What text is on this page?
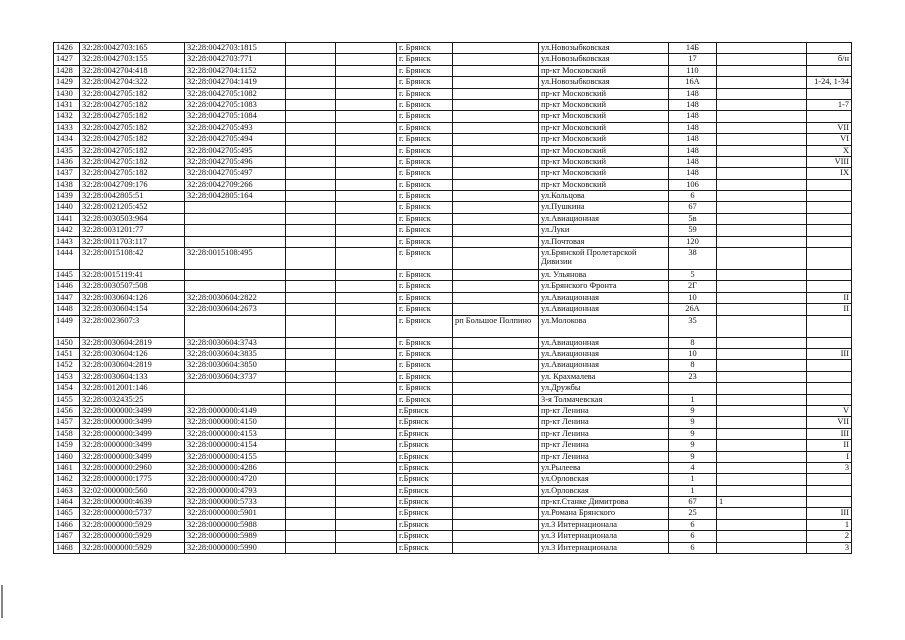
1426	32:28:0042703:165	32:28:0042703:1815			г. Брянск		ул.Новозыбковская	14Б		
1427	32:28:0042703:155	32:28:0042703:771			г. Брянск		ул.Новозыбковская	17		б/н
1428	32:28:0042704:418	32:28:0042704:1152			г. Брянск		пр-кт Московский	110		
1429	32:28:0042704:322	32:28:0042704:1419			г. Брянск		ул.Новозыбковская	16А		1-24, 1-34
1430	32:28:0042705:182	32:28:0042705:1082			г. Брянск		пр-кт Московский	148		
1431	32:28:0042705:182	32:28:0042705:1083			г. Брянск		пр-кт Московский	148		1-7
1432	32:28:0042705:182	32:28:0042705:1084			г. Брянск		пр-кт Московский	148		
1433	32:28:0042705:182	32:28:0042705:493			г. Брянск		пр-кт Московский	148		VII
1434	32:28:0042705:182	32:28:0042705:494			г. Брянск		пр-кт Московский	148		VI
1435	32:28:0042705:182	32:28:0042705:495			г. Брянск		пр-кт Московский	148		X
1436	32:28:0042705:182	32:28:0042705:496			г. Брянск		пр-кт Московский	148		VIII
1437	32:28:0042705:182	32:28:0042705:497			г. Брянск		пр-кт Московский	148		IX
1438	32:28:0042709:176	32:28:0042709:266			г. Брянск		пр-кт Московский	106		
1439	32:28:0042805:51	32:28:0042805:164			г. Брянск		ул.Кольцова	6		
1440	32:28:0021205:452				г. Брянск		ул.Пушкина	67		
1441	32:28:0030503:964				г. Брянск		ул.Авиационная	5в		
1442	32:28:0031201:77				г. Брянск		ул.Луки	59		
1443	32:28:0011703:117				г. Брянск		ул.Почтовая	120		
1444	32:28:0015108:42	32:28:0015108:495			г. Брянск		ул.Брянской Пролетарской Дивизии	38		
1445	32:28:0015119:41				г. Брянск		ул. Ульянова	5		
1446	32:28:0030507:508				г. Брянск		ул.Брянского Фронта	2Г		
1447	32:28:0030604:126	32:28:0030604:2822			г. Брянск		ул.Авиационная	10		II
1448	32:28:0030604:154	32:28:0030604:2673			г. Брянск		ул.Авиационная	26А		II
1449	32:28:0023607:3				г. Брянск	рп Большое Полпино	ул.Молокова	35		
1450	32:28:0030604:2819	32:28:0030604:3743			г. Брянск		ул.Авиационная	8		
1451	32:28:0030604:126	32:28:0030604:3835			г. Брянск		ул.Авиационная	10		III
1452	32:28:0030604:2819	32:28:0030604:3850			г. Брянск		ул.Авиационная	8		
1453	32:28:0030604:133	32:28:0030604:3737			г. Брянск		ул. Крахмалева	23		
1454	32:28:0012001:146				г. Брянск		ул.Дружбы			
1455	32:28:0032435:25				г. Брянск		3-я Толмачевская	1		
1456	32:28:0000000:3499	32:28:0000000:4149			г.Брянск		пр-кт Ленина	9		V
1457	32:28:0000000:3499	32:28:0000000:4150			г.Брянск		пр-кт Ленина	9		VII
1458	32:28:0000000:3499	32:28:0000000:4153			г.Брянск		пр-кт Ленина	9		III
1459	32:28:0000000:3499	32:28:0000000:4154			г.Брянск		пр-кт Ленина	9		II
1460	32:28:0000000:3499	32:28:0000000:4155			г.Брянск		пр-кт Ленина	9		I
1461	32:28:0000000:2960	32:28:0000000:4286			г.Брянск		ул.Рылеева	4		3
1462	32:28:0000000:1775	32:28:0000000:4720			г.Брянск		ул.Орловская	1		
1463	32:02:0000000:560	32:28:0000000:4793			г.Брянск		ул.Орловская	1		
1464	32:28:0000000:4639	32:28:0000000:5733			г.Брянск		пр-кт.Станке Димитрова	67	1	
1465	32:28:0000000:5737	32:28:0000000:5901			г.Брянск		ул.Романа Брянского	25		III
1466	32:28:0000000:5929	32:28:0000000:5988			г.Брянск		ул.3 Интернационала	6		1
1467	32:28:0000000:5929	32:28:0000000:5989			г.Брянск		ул.3 Интернационала	6		2
1468	32:28:0000000:5929	32:28:0000000:5990			г.Брянск		ул.3 Интернационала	6		3
